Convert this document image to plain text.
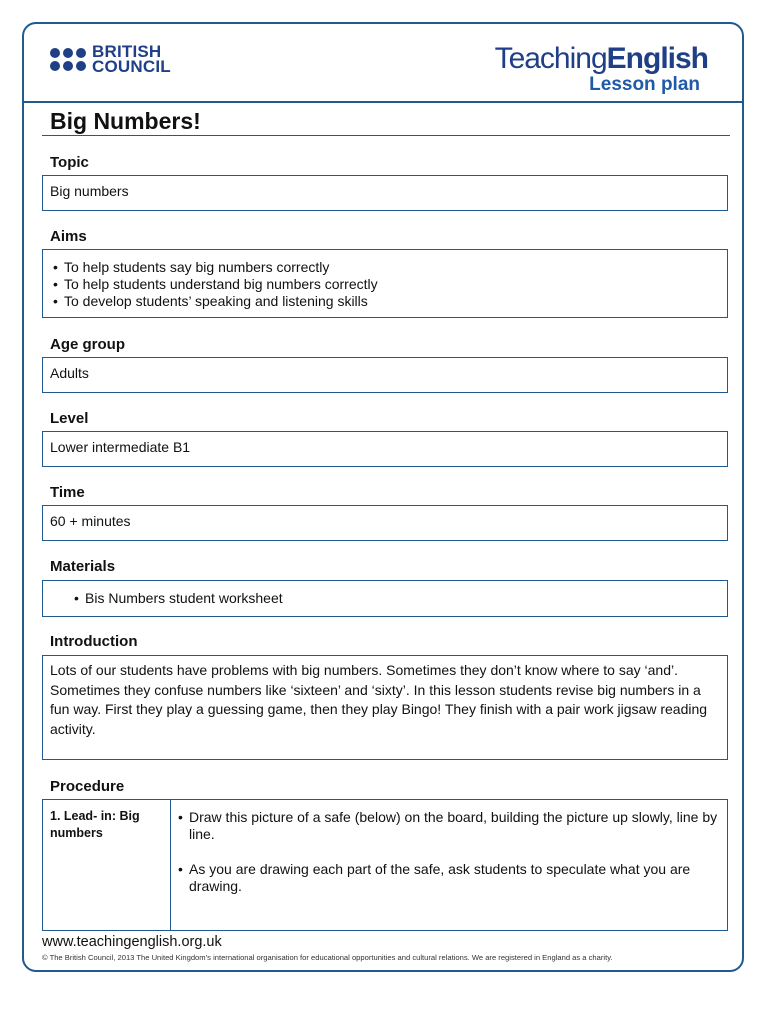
BRITISH
COUNCIL	TeachingEnglish
Lesson plan
Big Numbers!
Topic
Big numbers
Aims
• To help students say big numbers correctly
• To help students understand big numbers correctly
• To develop students’ speaking and listening skills
Age group
Adults
Level
Lower intermediate B1
Time
60 + minutes
Materials
• Bis Numbers student worksheet
Introduction
Lots of our students have problems with big numbers. Sometimes they don’t know where to say ‘and’. Sometimes they confuse numbers like ‘sixteen’ and ‘sixty’. In this lesson students revise big numbers in a fun way. First they play a guessing game, then they play Bingo! They finish with a pair work jigsaw reading activity.
Procedure
1. Lead- in: Big numbers
• Draw this picture of a safe (below) on the board, building the picture up slowly, line by line.
• As you are drawing each part of the safe, ask students to speculate what you are drawing.
www.teachingenglish.org.uk
© The British Council, 2013 The United Kingdom’s international organisation for educational opportunities and cultural relations. We are registered in England as a charity.
